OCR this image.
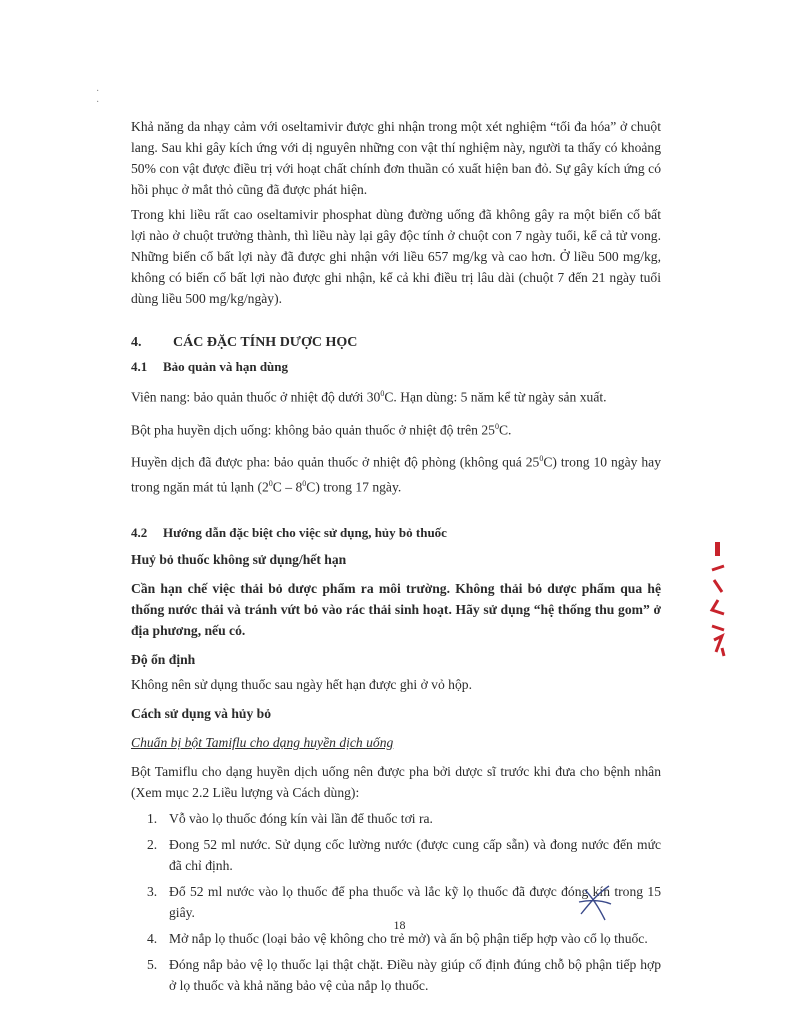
· ·

Khả năng da nhạy cảm với oseltamivir được ghi nhận trong một xét nghiệm “tối đa hóa” ở chuột lang. Sau khi gây kích ứng với dị nguyên những con vật thí nghiệm này, người ta thấy có khoảng 50% con vật được điều trị với hoạt chất chính đơn thuần có xuất hiện ban đỏ. Sự gây kích ứng có hồi phục ở mắt thỏ cũng đã được phát hiện.

Trong khi liều rất cao oseltamivir phosphat dùng đường uống đã không gây ra một biến cố bất lợi nào ở chuột trưởng thành, thì liều này lại gây độc tính ở chuột con 7 ngày tuổi, kể cả tử vong. Những biến cố bất lợi này đã được ghi nhận với liều 657 mg/kg và cao hơn. Ở liều 500 mg/kg, không có biến cố bất lợi nào được ghi nhận, kể cả khi điều trị lâu dài (chuột 7 đến 21 ngày tuổi dùng liều 500 mg/kg/ngày).

4.	CÁC ĐẶC TÍNH DƯỢC HỌC
4.1	Bảo quản và hạn dùng

Viên nang: bảo quản thuốc ở nhiệt độ dưới $30^0C$. Hạn dùng: 5 năm kể từ ngày sản xuất.

Bột pha huyền dịch uống: không bảo quản thuốc ở nhiệt độ trên $25^0C$.

Huyền dịch đã được pha: bảo quản thuốc ở nhiệt độ phòng (không quá $25^0C$) trong 10 ngày hay trong ngăn mát tủ lạnh $(2^0C - 8^0C)$ trong 17 ngày.

4.2	Hướng dẫn đặc biệt cho việc sử dụng, hủy bỏ thuốc

Huỷ bỏ thuốc không sử dụng/hết hạn

Cần hạn chế việc thải bỏ dược phẩm ra môi trường. Không thải bỏ dược phẩm qua hệ thống nước thải và tránh vứt bỏ vào rác thải sinh hoạt. Hãy sử dụng “hệ thống thu gom” ở địa phương, nếu có.

Độ ổn định

Không nên sử dụng thuốc sau ngày hết hạn được ghi ở vỏ hộp.

Cách sử dụng và hủy bỏ

Chuẩn bị bột Tamiflu cho dạng huyền dịch uống

Bột Tamiflu cho dạng huyền dịch uống nên được pha bởi dược sĩ trước khi đưa cho bệnh nhân (Xem mục 2.2 Liều lượng và Cách dùng):

1. Vỗ vào lọ thuốc đóng kín vài lần để thuốc tơi ra.
2. Đong 52 ml nước. Sử dụng cốc lường nước (được cung cấp sẵn) và đong nước đến mức đã chỉ định.
3. Đổ 52 ml nước vào lọ thuốc để pha thuốc và lắc kỹ lọ thuốc đã được đóng kín trong 15 giây.
4. Mở nắp lọ thuốc (loại bảo vệ không cho trẻ mở) và ấn bộ phận tiếp hợp vào cổ lọ thuốc.
5. Đóng nắp bảo vệ lọ thuốc lại thật chặt. Điều này giúp cố định đúng chỗ bộ phận tiếp hợp ở lọ thuốc và khả năng bảo vệ của nắp lọ thuốc.
18
